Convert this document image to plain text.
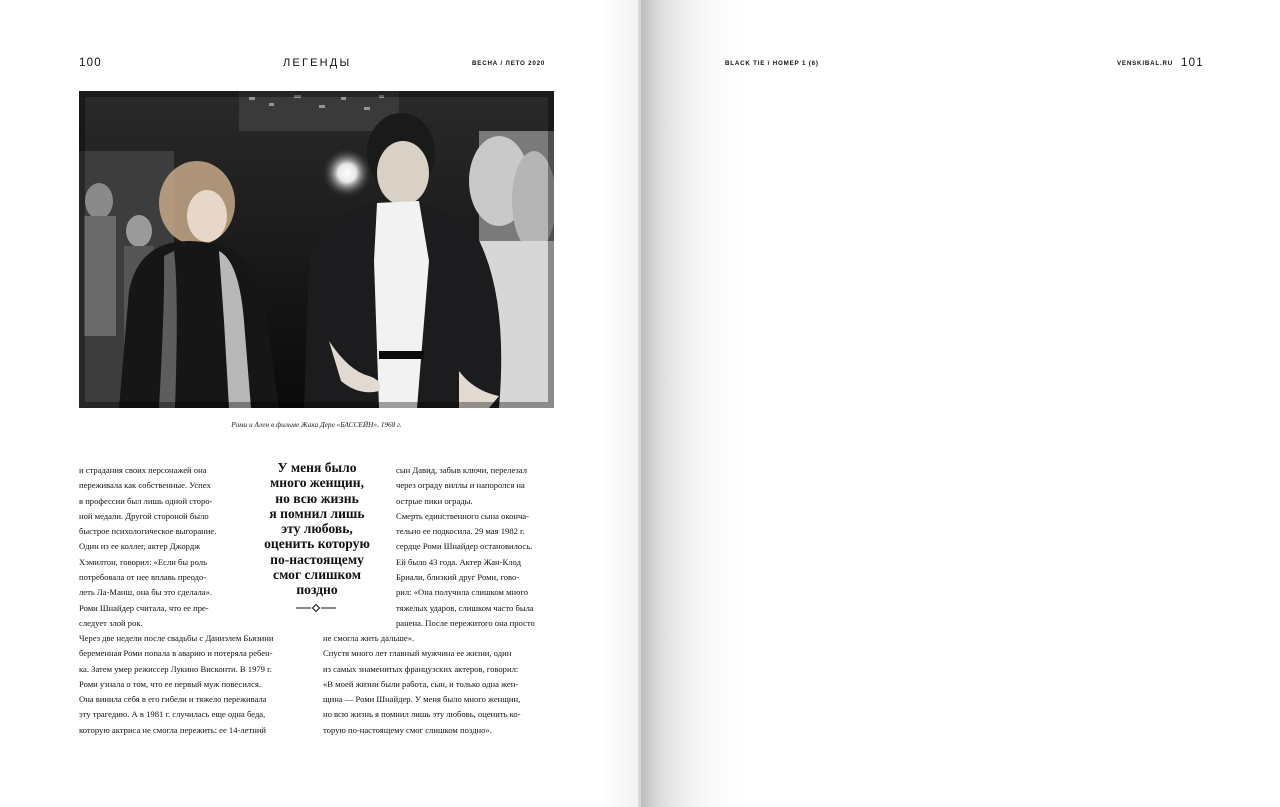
100	ЛЕГЕНДЫ	ВЕСНА / ЛЕТО 2020
Роми и Ален в фильме Жака Дере «БАССЕЙН», 1968 г.

и страдания своих персонажей она

переживала как собственные. Успех

в профессии был лишь одной сторо-

ной медали. Другой стороной было

быстрое психологическое выгорание.

Один из ее коллег, актер Джордж

Хэмилтон, говорил: «Если бы роль

потребовала от нее вплавь преодо-

леть Ла-Манш, она бы это сделала».

Роми Шнайдер считала, что ее пре-

следует злой рок.

У меня было

много женщин,

но всю жизнь

я помнил лишь

эту любовь,

оценить которую

по-настоящему

смог слишком

поздно

Через две недели после свадьбы с Даниэлем Бьязини

беременная Роми попала в аварию и потеряла ребен-

ка. Затем умер режиссер Лукино Висконти. В 1979 г.

Роми узнала о том, что ее первый муж повесился.

Она винила себя в его гибели и тяжело переживала

эту трагедию. А в 1981 г. случилась еще одна беда,

которую актриса не смогла пережить: ее 14-летний

сын Давид, забыв ключи, перелезал

через ограду виллы и напоролся на

острые пики ограды.

Смерть единственного сына оконча-

тельно ее подкосила. 29 мая 1982 г.

сердце Роми Шнайдер остановилось.

Ей было 43 года. Актер Жан-Клод

Бриали, близкий друг Роми, гово-

рил: «Она получила слишком много

тяжелых ударов, слишком часто была

ранена. После пережитого она просто

не смогла жить дальше».

Спустя много лет главный мужчина ее жизни, один

из самых знаменитых французских актеров, говорил:

«В моей жизни были работа, сын, и только одна жен-

щина — Роми Шнайдер. У меня было много женщин,

но всю жизнь я помнил лишь эту любовь, оценить ко-

торую по-настоящему смог слишком поздно».

BLACK TIE / НОМЕР 1 (6)	VENSKIBAL.RU 101
